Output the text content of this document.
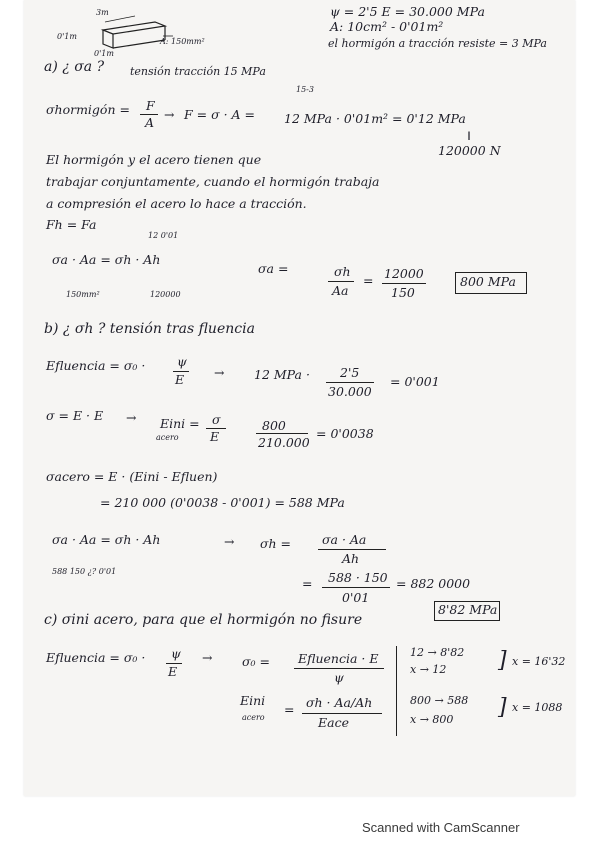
3m
0'1m
0'1m
A: 150mm²
ψ = 2'5 E = 30.000 MPa
A: 10cm² - 0'01m²
el hormigón a tracción resiste = 3 MPa
a) ¿ σa ? tensión tracción 15 MPa
15-3
σhormigón = F
A
→ F = σ · A = 12 MPa · 0'01m² = 0'12 MPa
‖
120000 N
El hormigón y el acero tienen que
trabajar conjuntamente, cuando el hormigón trabaja
a compresión el acero lo hace a tracción.
Fh = Fa
12 0'01
σa · Aa = σh · Ah
150mm²	120000
σa =	σh
Aa
= 12000
150
800 MPa
b) ¿ σh ? tensión tras fluencia
Efluencia = σ₀ ·	ψ
E → 12 MPa · 2'5
30.000
= 0'001
σ = E · E → Eini =
acero
σ
E
800
210.000
= 0'0038
σacero = E · (Eini - Efluen)
= 210 000 (0'0038 - 0'001) = 588 MPa
σa · Aa = σh · Ah	→ σh = σa · Aa
Ah
588 150 ¿? 0'01
= 588 · 150
0'01
= 882 0000
8'82 MPa
c) σini acero, para que el hormigón no fisure
Efluencia = σ₀ · ψ
E
→ σ₀ = Efluencia · E
ψ
Eini
acero
= σh · Aa/Ah
Eace
12 → 8'82
x → 12 ] x = 16'32
800 → 588
x → 800 ] x = 1088
Scanned with CamScanner
